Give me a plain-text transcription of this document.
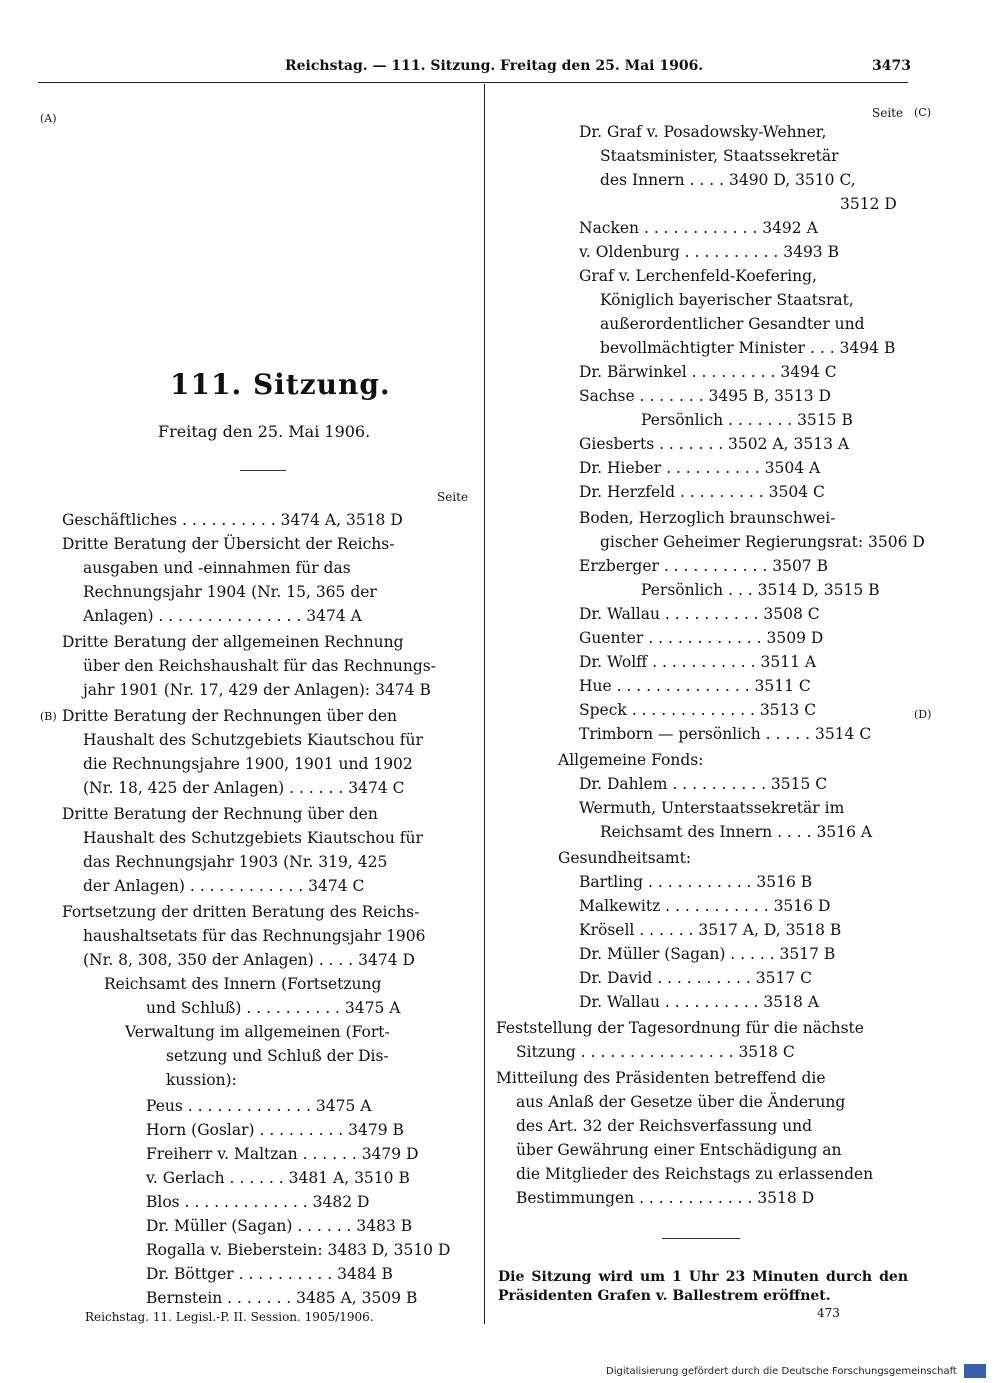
Reichstag. — 111. Sitzung. Freitag den 25. Mai 1906.	3473
(A)
(B)
(C)
(D)
111. Sitzung.
Freitag den 25. Mai 1906.
Seite
Seite
Geschäftliches . . . . . . . . . . 3474 A, 3518 D
Dritte Beratung der Übersicht der Reichs-
ausgaben und -einnahmen für das
Rechnungsjahr 1904 (Nr. 15, 365 der
Anlagen) . . . . . . . . . . . . . . . 3474 A
Dritte Beratung der allgemeinen Rechnung
über den Reichshaushalt für das Rechnungs-
jahr 1901 (Nr. 17, 429 der Anlagen): 3474 B
Dritte Beratung der Rechnungen über den
Haushalt des Schutzgebiets Kiautschou für
die Rechnungsjahre 1900, 1901 und 1902
(Nr. 18, 425 der Anlagen) . . . . . . 3474 C
Dritte Beratung der Rechnung über den
Haushalt des Schutzgebiets Kiautschou für
das Rechnungsjahr 1903 (Nr. 319, 425
der Anlagen) . . . . . . . . . . . . 3474 C
Fortsetzung der dritten Beratung des Reichs-
haushaltsetats für das Rechnungsjahr 1906
(Nr. 8, 308, 350 der Anlagen) . . . . 3474 D
Reichsamt des Innern (Fortsetzung
und Schluß) . . . . . . . . . . 3475 A
Verwaltung im allgemeinen (Fort-
setzung und Schluß der Dis-
kussion):
Peus . . . . . . . . . . . . . 3475 A
Horn (Goslar) . . . . . . . . . 3479 B
Freiherr v. Maltzan . . . . . . 3479 D
v. Gerlach . . . . . . 3481 A, 3510 B
Blos . . . . . . . . . . . . . 3482 D
Dr. Müller (Sagan) . . . . . . 3483 B
Rogalla v. Bieberstein: 3483 D, 3510 D
Dr. Böttger . . . . . . . . . . 3484 B
Bernstein . . . . . . . 3485 A, 3509 B
Dr. Graf v. Posadowsky-Wehner,
Staatsminister, Staatssekretär
des Innern . . . . 3490 D, 3510 C,
3512 D
Nacken . . . . . . . . . . . . 3492 A
v. Oldenburg . . . . . . . . . . 3493 B
Graf v. Lerchenfeld-Koefering,
Königlich bayerischer Staatsrat,
außerordentlicher Gesandter und
bevollmächtigter Minister . . . 3494 B
Dr. Bärwinkel . . . . . . . . . 3494 C
Sachse . . . . . . . 3495 B, 3513 D
Persönlich . . . . . . . 3515 B
Giesberts . . . . . . . 3502 A, 3513 A
Dr. Hieber . . . . . . . . . . 3504 A
Dr. Herzfeld . . . . . . . . . 3504 C
Boden, Herzoglich braunschwei-
gischer Geheimer Regierungsrat: 3506 D
Erzberger . . . . . . . . . . . 3507 B
Persönlich . . . 3514 D, 3515 B
Dr. Wallau . . . . . . . . . . 3508 C
Guenter . . . . . . . . . . . . 3509 D
Dr. Wolff . . . . . . . . . . . 3511 A
Hue . . . . . . . . . . . . . . 3511 C
Speck . . . . . . . . . . . . . 3513 C
Trimborn — persönlich . . . . . 3514 C
Allgemeine Fonds:
Dr. Dahlem . . . . . . . . . . 3515 C
Wermuth, Unterstaatssekretär im
Reichsamt des Innern . . . . 3516 A
Gesundheitsamt:
Bartling . . . . . . . . . . . 3516 B
Malkewitz . . . . . . . . . . . 3516 D
Krösell . . . . . . 3517 A, D, 3518 B
Dr. Müller (Sagan) . . . . . 3517 B
Dr. David . . . . . . . . . . 3517 C
Dr. Wallau . . . . . . . . . . 3518 A
Feststellung der Tagesordnung für die nächste
Sitzung . . . . . . . . . . . . . . . . 3518 C
Mitteilung des Präsidenten betreffend die
aus Anlaß der Gesetze über die Änderung
des Art. 32 der Reichsverfassung und
über Gewährung einer Entschädigung an
die Mitglieder des Reichstags zu erlassenden
Bestimmungen . . . . . . . . . . . . 3518 D
Die Sitzung wird um 1 Uhr 23 Minuten durch den Präsidenten Grafen v. Ballestrem eröffnet.
Reichstag. 11. Legisl.-P. II. Session. 1905/1906.	473
Digitalisierung gefördert durch die Deutsche Forschungsgemeinschaft
